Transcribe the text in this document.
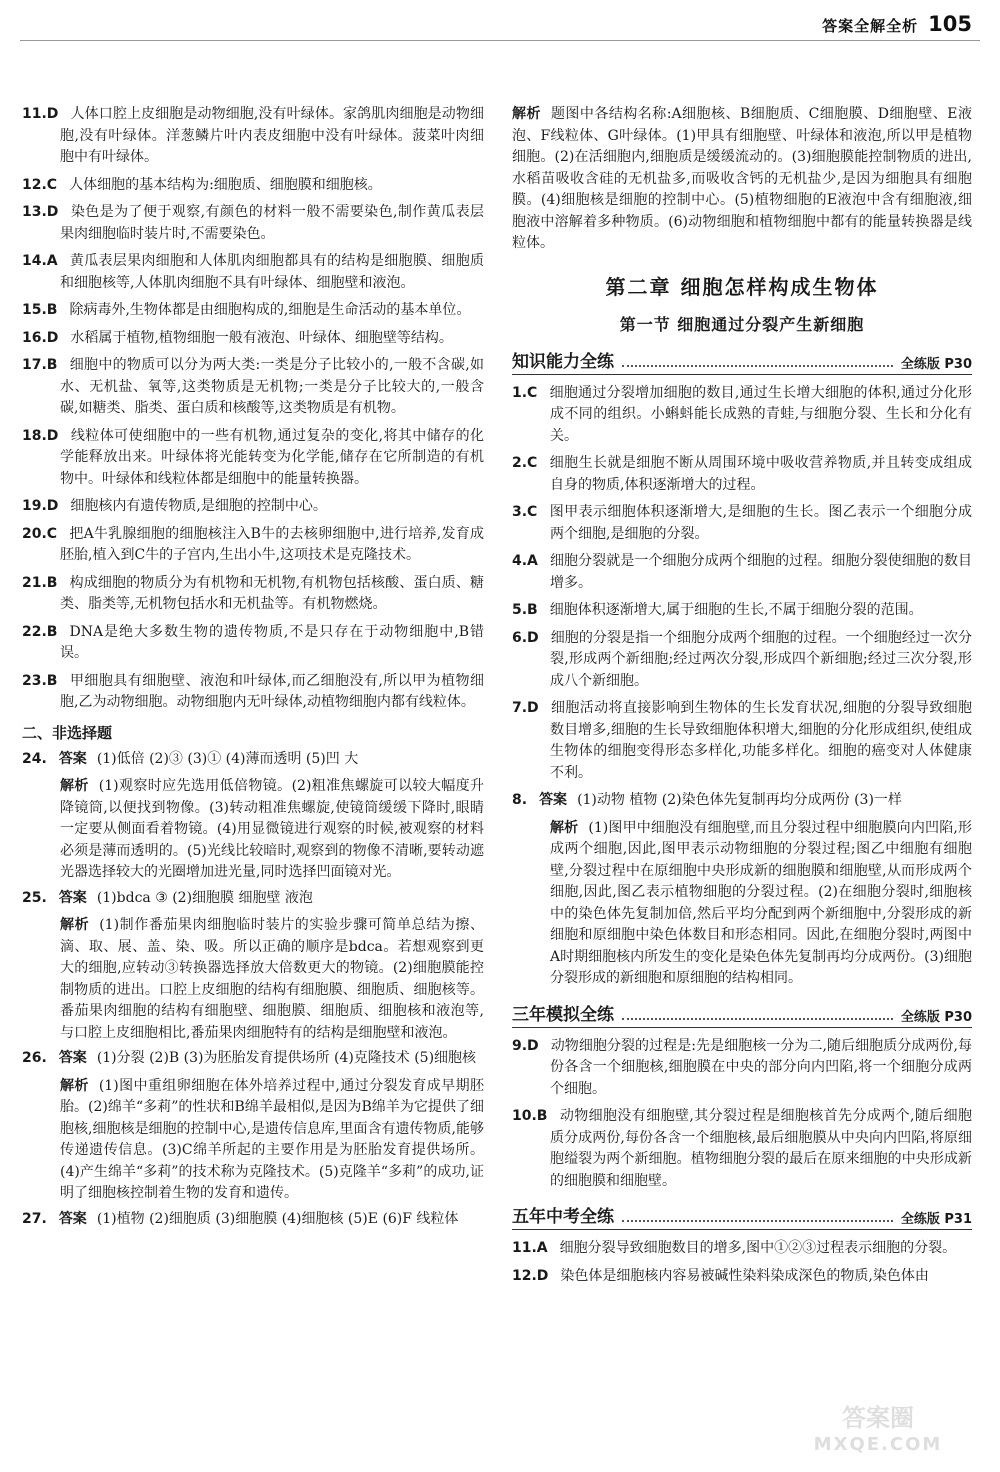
答案全解全析 105
11.D 人体口腔上皮细胞是动物细胞,没有叶绿体。家鸽肌肉细胞是动物细胞,没有叶绿体。洋葱鳞片叶内表皮细胞中没有叶绿体。菠菜叶肉细胞中有叶绿体。
12.C 人体细胞的基本结构为:细胞质、细胞膜和细胞核。
13.D 染色是为了便于观察,有颜色的材料一般不需要染色,制作黄瓜表层果肉细胞临时装片时,不需要染色。
14.A 黄瓜表层果肉细胞和人体肌肉细胞都具有的结构是细胞膜、细胞质和细胞核等,人体肌肉细胞不具有叶绿体、细胞壁和液泡。
15.B 除病毒外,生物体都是由细胞构成的,细胞是生命活动的基本单位。
16.D 水稻属于植物,植物细胞一般有液泡、叶绿体、细胞壁等结构。
17.B 细胞中的物质可以分为两大类:一类是分子比较小的,一般不含碳,如水、无机盐、氧等,这类物质是无机物;一类是分子比较大的,一般含碳,如糖类、脂类、蛋白质和核酸等,这类物质是有机物。
18.D 线粒体可使细胞中的一些有机物,通过复杂的变化,将其中储存的化学能释放出来。叶绿体将光能转变为化学能,储存在它所制造的有机物中。叶绿体和线粒体都是细胞中的能量转换器。
19.D 细胞核内有遗传物质,是细胞的控制中心。
20.C 把A牛乳腺细胞的细胞核注入B牛的去核卵细胞中,进行培养,发育成胚胎,植入到C牛的子宫内,生出小牛,这项技术是克隆技术。
21.B 构成细胞的物质分为有机物和无机物,有机物包括核酸、蛋白质、糖类、脂类等,无机物包括水和无机盐等。有机物燃烧。
22.B DNA是绝大多数生物的遗传物质,不是只存在于动物细胞中,B错误。
23.B 甲细胞具有细胞壁、液泡和叶绿体,而乙细胞没有,所以甲为植物细胞,乙为动物细胞。动物细胞内无叶绿体,动植物细胞内都有线粒体。
二、非选择题
24. 答案 (1)低倍 (2)③ (3)① (4)薄而透明 (5)凹 大
解析 (1)观察时应先选用低倍物镜。(2)粗准焦螺旋可以较大幅度升降镜筒,以便找到物像。(3)转动粗准焦螺旋,使镜筒缓缓下降时,眼睛一定要从侧面看着物镜。(4)用显微镜进行观察的时候,被观察的材料必须是薄而透明的。(5)光线比较暗时,观察到的物像不清晰,要转动遮光器选择较大的光圈增加进光量,同时选择凹面镜对光。
25. 答案 (1)bdca ③ (2)细胞膜 细胞壁 液泡
解析 (1)制作番茄果肉细胞临时装片的实验步骤可简单总结为擦、滴、取、展、盖、染、吸。所以正确的顺序是bdca。若想观察到更大的细胞,应转动③转换器选择放大倍数更大的物镜。(2)细胞膜能控制物质的进出。口腔上皮细胞的结构有细胞膜、细胞质、细胞核等。番茄果肉细胞的结构有细胞壁、细胞膜、细胞质、细胞核和液泡等,与口腔上皮细胞相比,番茄果肉细胞特有的结构是细胞壁和液泡。
26. 答案 (1)分裂 (2)B (3)为胚胎发育提供场所 (4)克隆技术 (5)细胞核
解析 (1)图中重组卵细胞在体外培养过程中,通过分裂发育成早期胚胎。(2)绵羊“多莉”的性状和B绵羊最相似,是因为B绵羊为它提供了细胞核,细胞核是细胞的控制中心,是遗传信息库,里面含有遗传物质,能够传递遗传信息。(3)C绵羊所起的主要作用是为胚胎发育提供场所。(4)产生绵羊“多莉”的技术称为克隆技术。(5)克隆羊“多莉”的成功,证明了细胞核控制着生物的发育和遗传。
27. 答案 (1)植物 (2)细胞质 (3)细胞膜 (4)细胞核 (5)E (6)F 线粒体
解析 题图中各结构名称:A细胞核、B细胞质、C细胞膜、D细胞壁、E液泡、F线粒体、G叶绿体。(1)甲具有细胞壁、叶绿体和液泡,所以甲是植物细胞。(2)在活细胞内,细胞质是缓缓流动的。(3)细胞膜能控制物质的进出,水稻苗吸收含硅的无机盐多,而吸收含钙的无机盐少,是因为细胞具有细胞膜。(4)细胞核是细胞的控制中心。(5)植物细胞的E液泡中含有细胞液,细胞液中溶解着多种物质。(6)动物细胞和植物细胞中都有的能量转换器是线粒体。
第二章 细胞怎样构成生物体
第一节 细胞通过分裂产生新细胞
知识能力全练	全练版 P30
1.C 细胞通过分裂增加细胞的数目,通过生长增大细胞的体积,通过分化形成不同的组织。小蝌蚪能长成熟的青蛙,与细胞分裂、生长和分化有关。
2.C 细胞生长就是细胞不断从周围环境中吸收营养物质,并且转变成组成自身的物质,体积逐渐增大的过程。
3.C 图甲表示细胞体积逐渐增大,是细胞的生长。图乙表示一个细胞分成两个细胞,是细胞的分裂。
4.A 细胞分裂就是一个细胞分成两个细胞的过程。细胞分裂使细胞的数目增多。
5.B 细胞体积逐渐增大,属于细胞的生长,不属于细胞分裂的范围。
6.D 细胞的分裂是指一个细胞分成两个细胞的过程。一个细胞经过一次分裂,形成两个新细胞;经过两次分裂,形成四个新细胞;经过三次分裂,形成八个新细胞。
7.D 细胞活动将直接影响到生物体的生长发育状况,细胞的分裂导致细胞数目增多,细胞的生长导致细胞体积增大,细胞的分化形成组织,使组成生物体的细胞变得形态多样化,功能多样化。细胞的癌变对人体健康不利。
8. 答案 (1)动物 植物 (2)染色体先复制再均分成两份 (3)一样
解析 (1)图甲中细胞没有细胞壁,而且分裂过程中细胞膜向内凹陷,形成两个细胞,因此,图甲表示动物细胞的分裂过程;图乙中细胞有细胞壁,分裂过程中在原细胞中央形成新的细胞膜和细胞壁,从而形成两个细胞,因此,图乙表示植物细胞的分裂过程。(2)在细胞分裂时,细胞核中的染色体先复制加倍,然后平均分配到两个新细胞中,分裂形成的新细胞和原细胞中染色体数目和形态相同。因此,在细胞分裂时,两图中A时期细胞核内所发生的变化是染色体先复制再均分成两份。(3)细胞分裂形成的新细胞和原细胞的结构相同。
三年模拟全练	全练版 P30
9.D 动物细胞分裂的过程是:先是细胞核一分为二,随后细胞质分成两份,每份各含一个细胞核,细胞膜在中央的部分向内凹陷,将一个细胞分成两个细胞。
10.B 动物细胞没有细胞壁,其分裂过程是细胞核首先分成两个,随后细胞质分成两份,每份各含一个细胞核,最后细胞膜从中央向内凹陷,将原细胞缢裂为两个新细胞。植物细胞分裂的最后在原来细胞的中央形成新的细胞膜和细胞壁。
五年中考全练	全练版 P31
11.A 细胞分裂导致细胞数目的增多,图中①②③过程表示细胞的分裂。
12.D 染色体是细胞核内容易被碱性染料染成深色的物质,染色体由
答案圈
MXQE.COM
